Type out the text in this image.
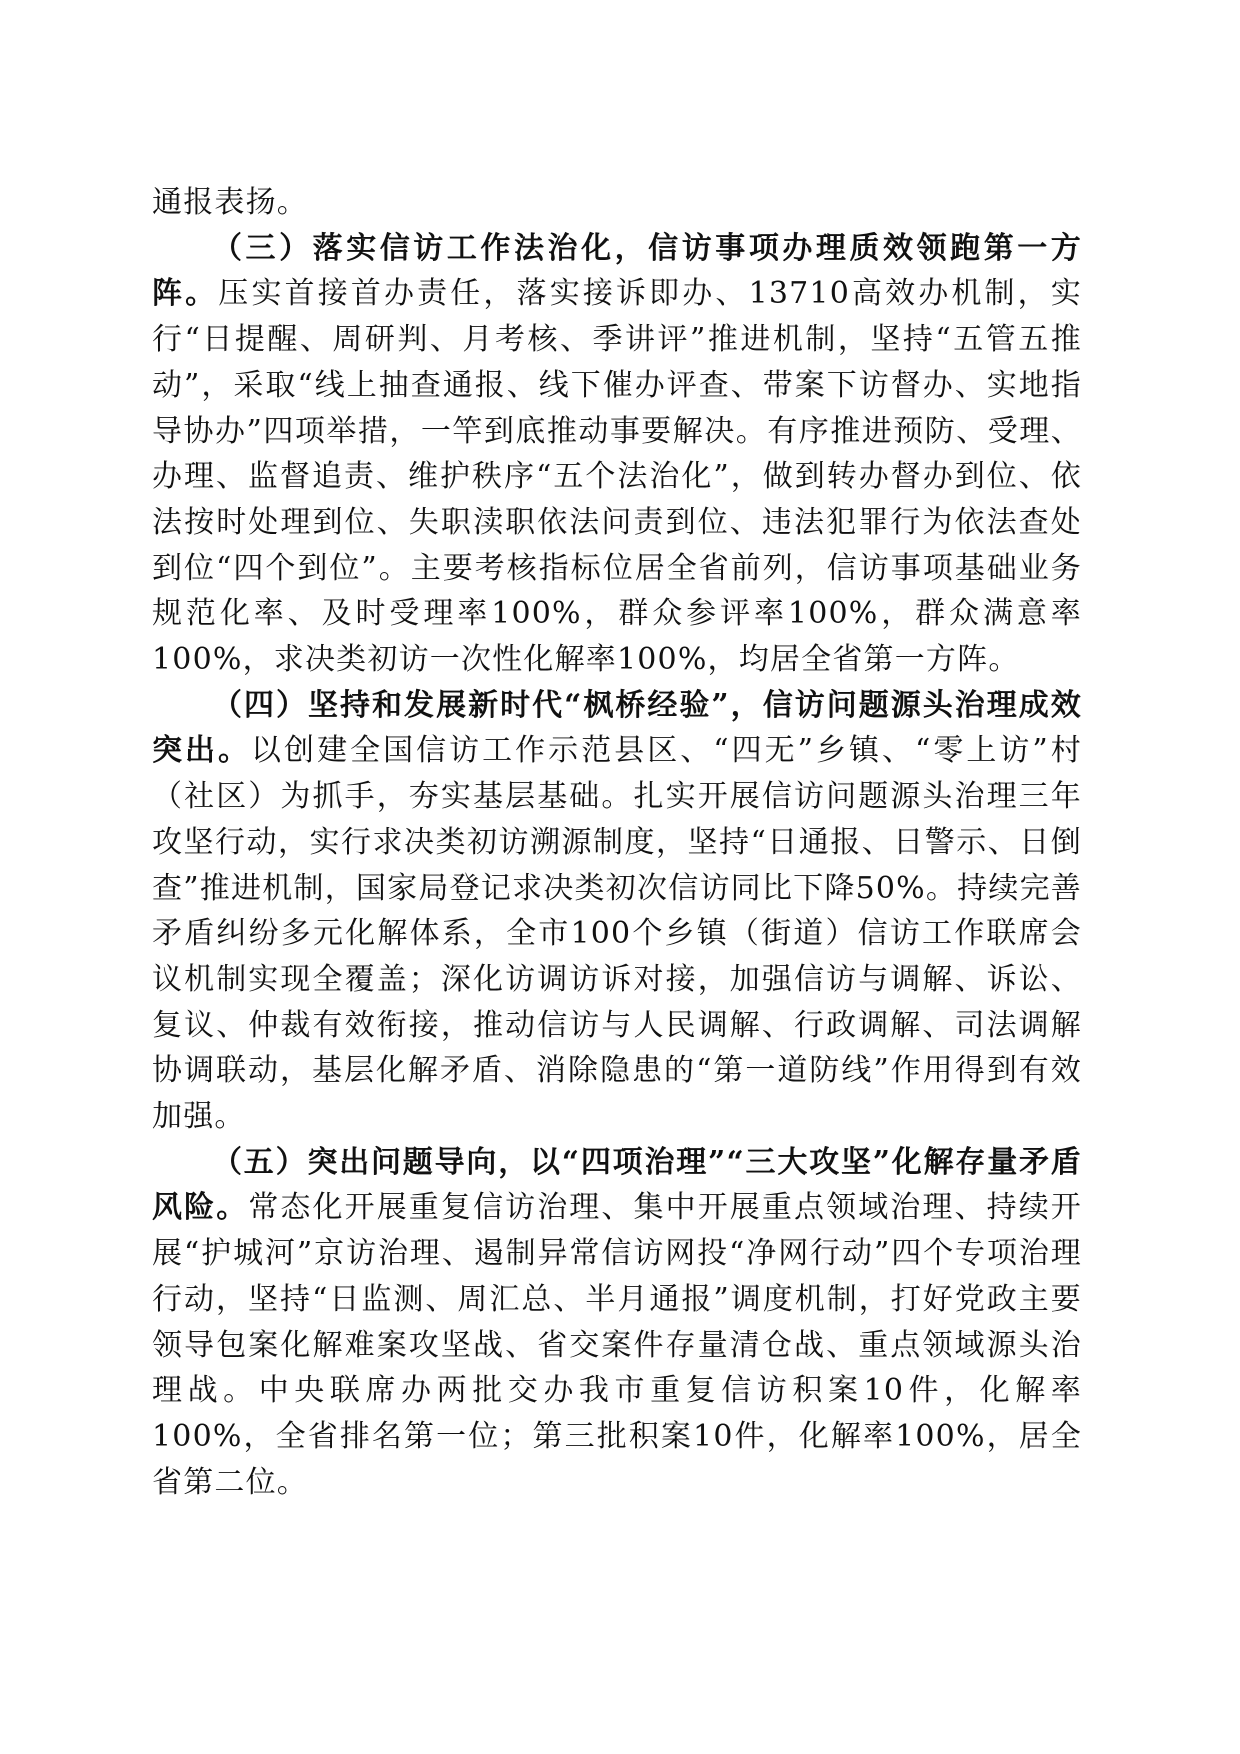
通报表扬。

（三）落实信访工作法治化，信访事项办理质效领跑第一方阵。压实首接首办责任，落实接诉即办、13710高效办机制，实行“日提醒、周研判、月考核、季讲评”推进机制，坚持“五管五推动”，采取“线上抽查通报、线下催办评查、带案下访督办、实地指导协办”四项举措，一竿到底推动事要解决。有序推进预防、受理、办理、监督追责、维护秩序“五个法治化”，做到转办督办到位、依法按时处理到位、失职渎职依法问责到位、违法犯罪行为依法查处到位“四个到位”。主要考核指标位居全省前列，信访事项基础业务规范化率、及时受理率100%，群众参评率100%，群众满意率100%，求决类初访一次性化解率100%，均居全省第一方阵。

（四）坚持和发展新时代“枫桥经验”，信访问题源头治理成效突出。以创建全国信访工作示范县区、“四无”乡镇、“零上访”村（社区）为抓手，夯实基层基础。扎实开展信访问题源头治理三年攻坚行动，实行求决类初访溯源制度，坚持“日通报、日警示、日倒查”推进机制，国家局登记求决类初次信访同比下降50%。持续完善矛盾纠纷多元化解体系，全市100个乡镇（街道）信访工作联席会议机制实现全覆盖；深化访调访诉对接，加强信访与调解、诉讼、复议、仲裁有效衔接，推动信访与人民调解、行政调解、司法调解协调联动，基层化解矛盾、消除隐患的“第一道防线”作用得到有效加强。

（五）突出问题导向，以“四项治理”“三大攻坚”化解存量矛盾风险。常态化开展重复信访治理、集中开展重点领域治理、持续开展“护城河”京访治理、遏制异常信访网投“净网行动”四个专项治理行动，坚持“日监测、周汇总、半月通报”调度机制，打好党政主要领导包案化解难案攻坚战、省交案件存量清仓战、重点领域源头治理战。中央联席办两批交办我市重复信访积案10件，化解率100%，全省排名第一位；第三批积案10件，化解率100%，居全省第二位。
